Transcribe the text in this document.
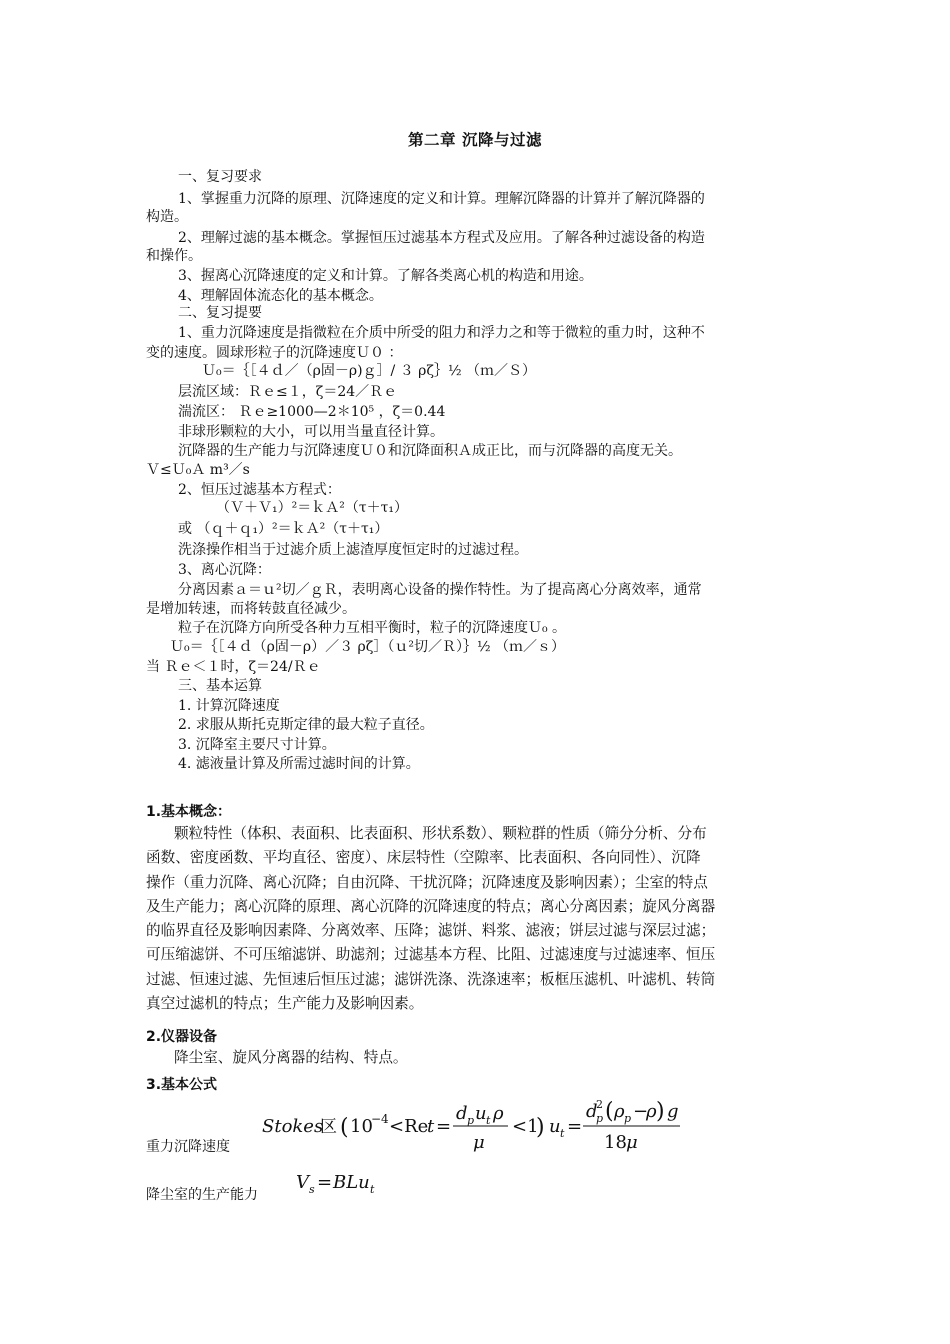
第二章 沉降与过滤
一、复习要求
1、掌握重力沉降的原理、沉降速度的定义和计算。理解沉降器的计算并了解沉降器的
构造。
2、理解过滤的基本概念。掌握恒压过滤基本方程式及应用。了解各种过滤设备的构造
和操作。
3、握离心沉降速度的定义和计算。了解各类离心机的构造和用途。
4、理解固体流态化的基本概念。
二、复习提要
1、重力沉降速度是指微粒在介质中所受的阻力和浮力之和等于微粒的重力时，这种不
变的速度。圆球形粒子的沉降速度Ｕ０ ：
Ｕ₀＝｛［４ｄ／（ρ固－ρ)ｇ］/ ３ ρζ｝½ （ｍ／Ｓ）
层流区域：Ｒｅ≤１，ζ＝24／Ｒｅ
湍流区： Ｒｅ≥1000—2＊10⁵ ，ζ＝0.44
非球形颗粒的大小，可以用当量直径计算。
沉降器的生产能力与沉降速度Ｕ０和沉降面积Ａ成正比，而与沉降器的高度无关。
Ｖ≤Ｕ₀Ａ m³／s
2、恒压过滤基本方程式：
（Ｖ＋Ｖ₁）²＝ｋＡ²（τ＋τ₁）
或 （ｑ＋ｑ₁）²＝ｋＡ²（τ＋τ₁）
洗涤操作相当于过滤介质上滤渣厚度恒定时的过滤过程。
3、离心沉降：
分离因素ａ＝ｕ²切／ｇＲ，表明离心设备的操作特性。为了提高离心分离效率，通常
是增加转速，而将转鼓直径减少。
粒子在沉降方向所受各种力互相平衡时，粒子的沉降速度Ｕ₀ 。
Ｕ₀＝｛［４ｄ（ρ固－ρ）／３ ρζ］（ｕ²切／Ｒ）｝½ （ｍ／ｓ）
当 Ｒｅ＜１时，ζ＝24/Ｒｅ
三、基本运算
1. 计算沉降速度
2. 求服从斯托克斯定律的最大粒子直径。
3. 沉降室主要尺寸计算。
4. 滤液量计算及所需过滤时间的计算。
1.基本概念：
颗粒特性（体积、表面积、比表面积、形状系数）、颗粒群的性质（筛分分析、分布
函数、密度函数、平均直径、密度）、床层特性（空隙率、比表面积、各向同性）、沉降
操作（重力沉降、离心沉降；自由沉降、干扰沉降；沉降速度及影响因素）；尘室的特点
及生产能力；离心沉降的原理、离心沉降的沉降速度的特点；离心分离因素；旋风分离器
的临界直径及影响因素降、分离效率、压降；滤饼、料浆、滤液；饼层过滤与深层过滤；
可压缩滤饼、不可压缩滤饼、助滤剂；过滤基本方程、比阻、过滤速度与过滤速率、恒压
过滤、恒速过滤、先恒速后恒压过滤；滤饼洗涤、洗涤速率；板框压滤机、叶滤机、转筒
真空过滤机的特点；生产能力及影响因素。
2.仪器设备
降尘室、旋风分离器的结构、特点。
3.基本公式
Stokes
区 ( 10
−4 <Re
t =
d p u t ρ
μ
<1
) u t =
d
2
p ( ρ p −
ρ ) g
18 μ
重力沉降速度
降尘室的生产能力
V s = BLu t
